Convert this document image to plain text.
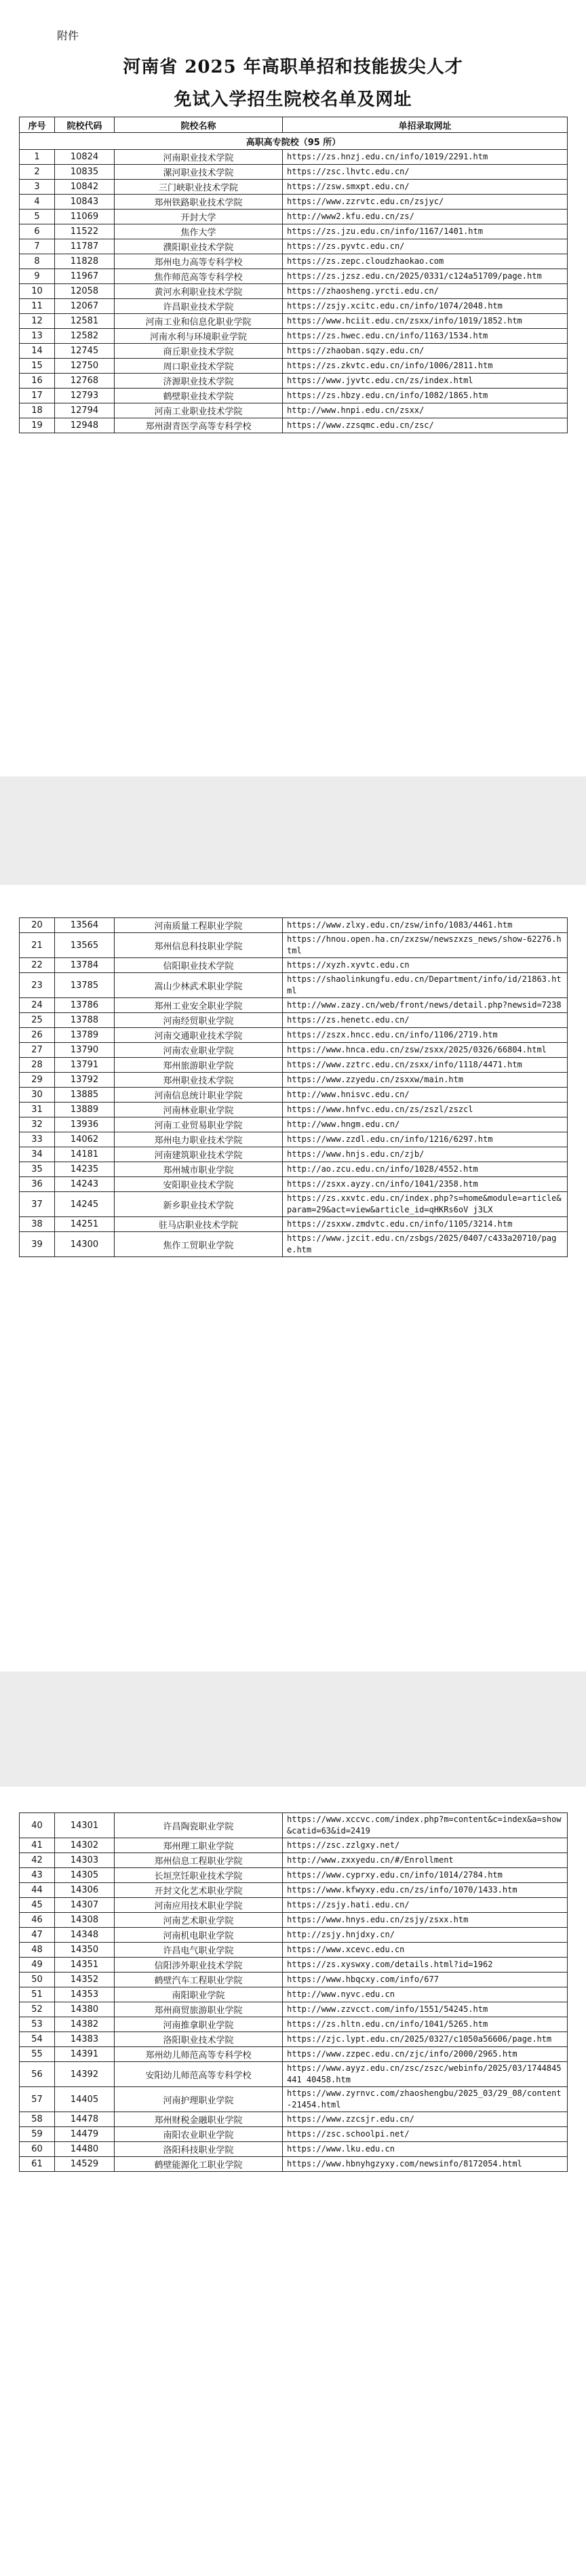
附件
河南省 2025 年高职单招和技能拔尖人才
免试入学招生院校名单及网址
序号	院校代码	院校名称	单招录取网址
高职高专院校（95 所）			
1	10824	河南职业技术学院	https://zs.hnzj.edu.cn/info/1019/2291.htm
2	10835	漯河职业技术学院	https://zsc.lhvtc.edu.cn/
3	10842	三门峡职业技术学院	https://zsw.smxpt.edu.cn/
4	10843	郑州铁路职业技术学院	https://www.zzrvtc.edu.cn/zsjyc/
5	11069	开封大学	http://www2.kfu.edu.cn/zs/
6	11522	焦作大学	https://zs.jzu.edu.cn/info/1167/1401.htm
7	11787	濮阳职业技术学院	https://zs.pyvtc.edu.cn/
8	11828	郑州电力高等专科学校	https://zs.zepc.cloudzhaokao.com
9	11967	焦作师范高等专科学校	https://zs.jzsz.edu.cn/2025/0331/c124a51709/page.htm
10	12058	黄河水利职业技术学院	https://zhaosheng.yrcti.edu.cn/
11	12067	许昌职业技术学院	https://zsjy.xcitc.edu.cn/info/1074/2048.htm
12	12581	河南工业和信息化职业学院	https://www.hciit.edu.cn/zsxx/info/1019/1852.htm
13	12582	河南水利与环境职业学院	https://zs.hwec.edu.cn/info/1163/1534.htm
14	12745	商丘职业技术学院	https://zhaoban.sqzy.edu.cn/
15	12750	周口职业技术学院	https://zs.zkvtc.edu.cn/info/1006/2811.htm
16	12768	济源职业技术学院	https://www.jyvtc.edu.cn/zs/index.html
17	12793	鹤壁职业技术学院	https://zs.hbzy.edu.cn/info/1082/1865.htm
18	12794	河南工业职业技术学院	http://www.hnpi.edu.cn/zsxx/
19	12948	郑州澍青医学高等专科学校	https://www.zzsqmc.edu.cn/zsc/
20	13564	河南质量工程职业学院	https://www.zlxy.edu.cn/zsw/info/1083/4461.htm
21	13565	郑州信息科技职业学院	https://hnou.open.ha.cn/zxzsw/newszxzs_news/show-62276.html
22	13784	信阳职业技术学院	https://xyzh.xyvtc.edu.cn
23	13785	嵩山少林武术职业学院	https://shaolinkungfu.edu.cn/Department/info/id/21863.html
24	13786	郑州工业安全职业学院	http://www.zazy.cn/web/front/news/detail.php?newsid=7238
25	13788	河南经贸职业学院	https://zs.henetc.edu.cn/
26	13789	河南交通职业技术学院	https://zszx.hncc.edu.cn/info/1106/2719.htm
27	13790	河南农业职业学院	https://www.hnca.edu.cn/zsw/zsxx/2025/0326/66804.html
28	13791	郑州旅游职业学院	https://www.zztrc.edu.cn/zsxx/info/1118/4471.htm
29	13792	郑州职业技术学院	https://www.zzyedu.cn/zsxxw/main.htm
30	13885	河南信息统计职业学院	http://www.hnisvc.edu.cn/
31	13889	河南林业职业学院	https://www.hnfvc.edu.cn/zs/zszl/zszcl
32	13936	河南工业贸易职业学院	http://www.hngm.edu.cn/
33	14062	郑州电力职业技术学院	https://www.zzdl.edu.cn/info/1216/6297.htm
34	14181	河南建筑职业技术学院	https://www.hnjs.edu.cn/zjb/
35	14235	郑州城市职业学院	http://ao.zcu.edu.cn/info/1028/4552.htm
36	14243	安阳职业技术学院	https://zsxx.ayzy.cn/info/1041/2358.htm
37	14245	新乡职业技术学院	https://zs.xxvtc.edu.cn/index.php?s=home&module=article&param=29&act=view&article_id=qHKRs6oV j3LX
38	14251	驻马店职业技术学院	https://zsxxw.zmdvtc.edu.cn/info/1105/3214.htm
39	14300	焦作工贸职业学院	https://www.jzcit.edu.cn/zsbgs/2025/0407/c433a20710/page.htm
40	14301	许昌陶瓷职业学院	https://www.xccvc.com/index.php?m=content&c=index&a=show&catid=63&id=2419
41	14302	郑州理工职业学院	https://zsc.zzlgxy.net/
42	14303	郑州信息工程职业学院	http://www.zxxyedu.cn/#/Enrollment
43	14305	长垣烹饪职业技术学院	https://www.cyprxy.edu.cn/info/1014/2784.htm
44	14306	开封文化艺术职业学院	https://www.kfwyxy.edu.cn/zs/info/1070/1433.htm
45	14307	河南应用技术职业学院	https://zsjy.hati.edu.cn/
46	14308	河南艺术职业学院	https://www.hnys.edu.cn/zsjy/zsxx.htm
47	14348	河南机电职业学院	http://zsjy.hnjdxy.cn/
48	14350	许昌电气职业学院	https://www.xcevc.edu.cn
49	14351	信阳涉外职业技术学院	https://zs.xyswxy.com/details.html?id=1962
50	14352	鹤壁汽车工程职业学院	https://www.hbqcxy.com/info/677
51	14353	南阳职业学院	http://www.nyvc.edu.cn
52	14380	郑州商贸旅游职业学院	http://www.zzvcct.com/info/1551/54245.htm
53	14382	河南推拿职业学院	https://zs.hltn.edu.cn/info/1041/5265.htm
54	14383	洛阳职业技术学院	https://zjc.lypt.edu.cn/2025/0327/c1050a56606/page.htm
55	14391	郑州幼儿师范高等专科学校	https://www.zzpec.edu.cn/zjc/info/2000/2965.htm
56	14392	安阳幼儿师范高等专科学校	https://www.ayyz.edu.cn/zsc/zszc/webinfo/2025/03/1744845441 40458.htm
57	14405	河南护理职业学院	https://www.zyrnvc.com/zhaoshengbu/2025_03/29_08/content-21454.html
58	14478	郑州财税金融职业学院	https://www.zzcsjr.edu.cn/
59	14479	南阳农业职业学院	https://zsc.schoolpi.net/
60	14480	洛阳科技职业学院	https://www.lku.edu.cn
61	14529	鹤壁能源化工职业学院	https://www.hbnyhgzyxy.com/newsinfo/8172054.html
